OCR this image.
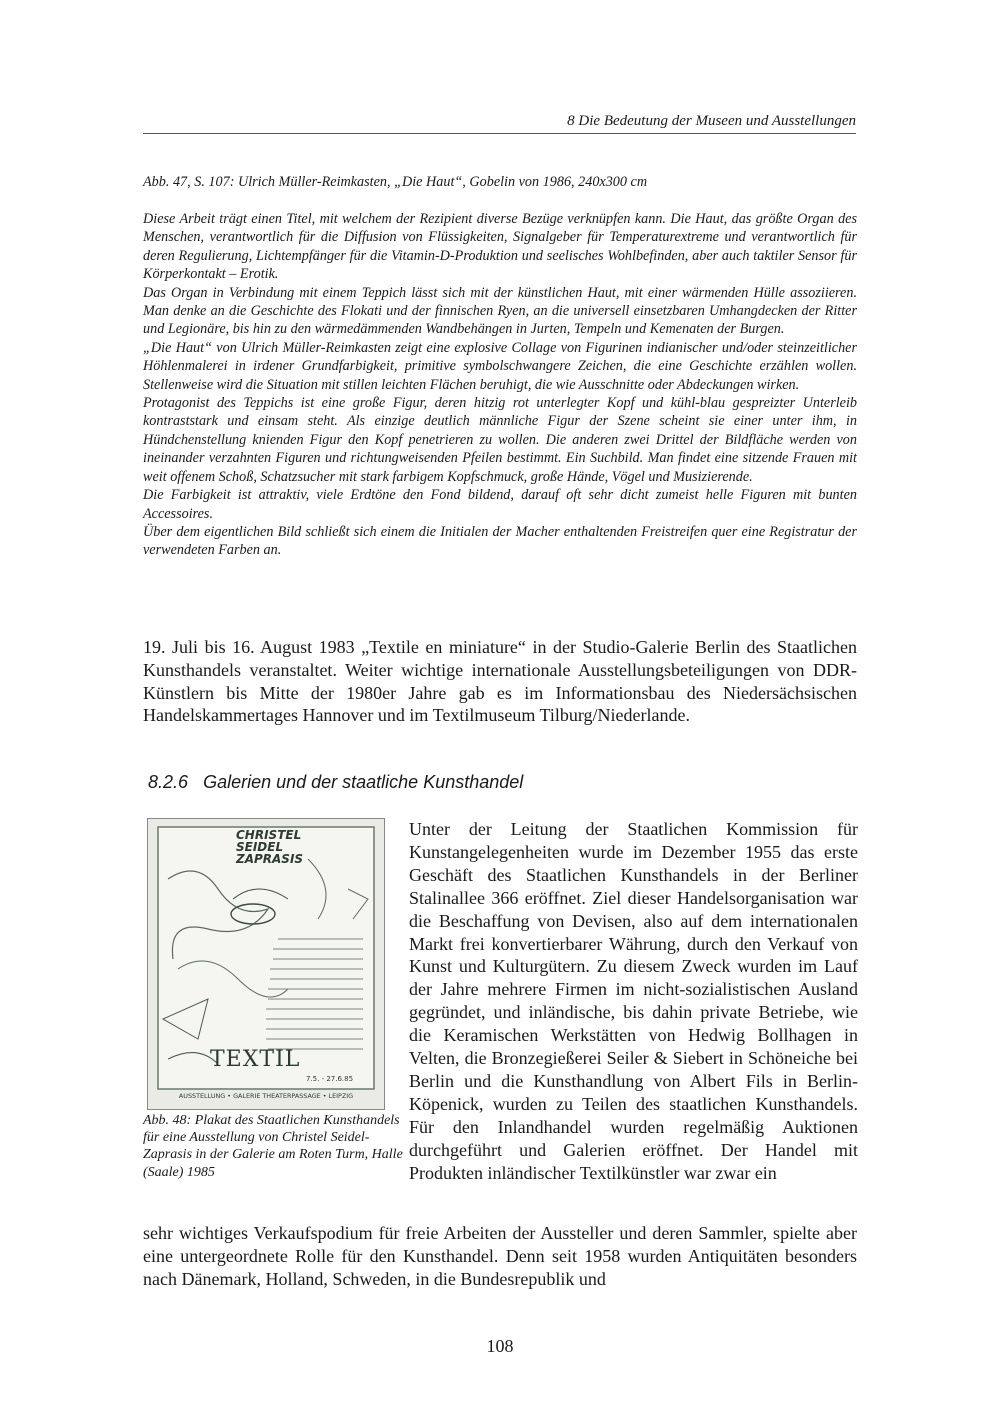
8 Die Bedeutung der Museen und Ausstellungen
Abb. 47, S. 107: Ulrich Müller-Reimkasten, „Die Haut“, Gobelin von 1986, 240x300 cm

Diese Arbeit trägt einen Titel, mit welchem der Rezipient diverse Bezüge verknüpfen kann. Die Haut, das größte Organ des Menschen, verantwortlich für die Diffusion von Flüssigkeiten, Signalgeber für Temperaturextreme und verantwortlich für deren Regulierung, Lichtempfänger für die Vitamin-D-Produktion und seelisches Wohlbefinden, aber auch taktiler Sensor für Körperkontakt – Erotik.

Das Organ in Verbindung mit einem Teppich lässt sich mit der künstlichen Haut, mit einer wärmenden Hülle assoziieren. Man denke an die Geschichte des Flokati und der finnischen Ryen, an die universell einsetzbaren Umhangdecken der Ritter und Legionäre, bis hin zu den wärmedämmenden Wandbehängen in Jurten, Tempeln und Kemenaten der Burgen.

„Die Haut“ von Ulrich Müller-Reimkasten zeigt eine explosive Collage von Figurinen indianischer und/oder steinzeitlicher Höhlenmalerei in irdener Grundfarbigkeit, primitive symbolschwangere Zeichen, die eine Geschichte erzählen wollen. Stellenweise wird die Situation mit stillen leichten Flächen beruhigt, die wie Ausschnitte oder Abdeckungen wirken.

Protagonist des Teppichs ist eine große Figur, deren hitzig rot unterlegter Kopf und kühl-blau gespreizter Unterleib kontraststark und einsam steht. Als einzige deutlich männliche Figur der Szene scheint sie einer unter ihm, in Hündchenstellung knienden Figur den Kopf penetrieren zu wollen. Die anderen zwei Drittel der Bildfläche werden von ineinander verzahnten Figuren und richtungweisenden Pfeilen bestimmt. Ein Suchbild. Man findet eine sitzende Frauen mit weit offenem Schoß, Schatzsucher mit stark farbigem Kopfschmuck, große Hände, Vögel und Musizierende.

Die Farbigkeit ist attraktiv, viele Erdtöne den Fond bildend, darauf oft sehr dicht zumeist helle Figuren mit bunten Accessoires.

Über dem eigentlichen Bild schließt sich einem die Initialen der Macher enthaltenden Freistreifen quer eine Registratur der verwendeten Farben an.

19. Juli bis 16. August 1983 „Textile en miniature“ in der Studio-Galerie Berlin des Staatlichen Kunsthandels veranstaltet. Weiter wichtige internationale Ausstellungsbeteiligungen von DDR-Künstlern bis Mitte der 1980er Jahre gab es im Informationsbau des Niedersächsischen Handelskammertages Hannover und im Textilmuseum Tilburg/Niederlande.

8.2.6 Galerien und der staatliche Kunsthandel
CHRISTEL
SEIDEL
ZAPRASIS
TEXTIL
7.5. - 27.6.85
AUSSTELLUNG • GALERIE THEATERPASSAGE • LEIPZIG
Abb. 48: Plakat des Staatlichen Kunsthandels für eine Ausstellung von Christel Seidel-Zaprasis in der Galerie am Roten Turm, Halle (Saale) 1985

Unter der Leitung der Staatlichen Kommission für Kunstangelegenheiten wurde im Dezember 1955 das erste Geschäft des Staatlichen Kunsthandels in der Berliner Stalinallee 366 eröffnet. Ziel dieser Handelsorganisation war die Beschaffung von Devisen, also auf dem internationalen Markt frei konvertierbarer Währung, durch den Verkauf von Kunst und Kulturgütern. Zu diesem Zweck wurden im Lauf der Jahre mehrere Firmen im nicht-sozialistischen Ausland gegründet, und inländische, bis dahin private Betriebe, wie die Keramischen Werkstätten von Hedwig Bollhagen in Velten, die Bronzegießerei Seiler & Siebert in Schöneiche bei Berlin und die Kunsthandlung von Albert Fils in Berlin-Köpenick, wurden zu Teilen des staatlichen Kunsthandels. Für den Inlandhandel wurden regelmäßig Auktionen durchgeführt und Galerien eröffnet. Der Handel mit Produkten inländischer Textilkünstler war zwar ein

sehr wichtiges Verkaufspodium für freie Arbeiten der Aussteller und deren Sammler, spielte aber eine untergeordnete Rolle für den Kunsthandel. Denn seit 1958 wurden Antiquitäten besonders nach Dänemark, Holland, Schweden, in die Bundesrepublik und

108
